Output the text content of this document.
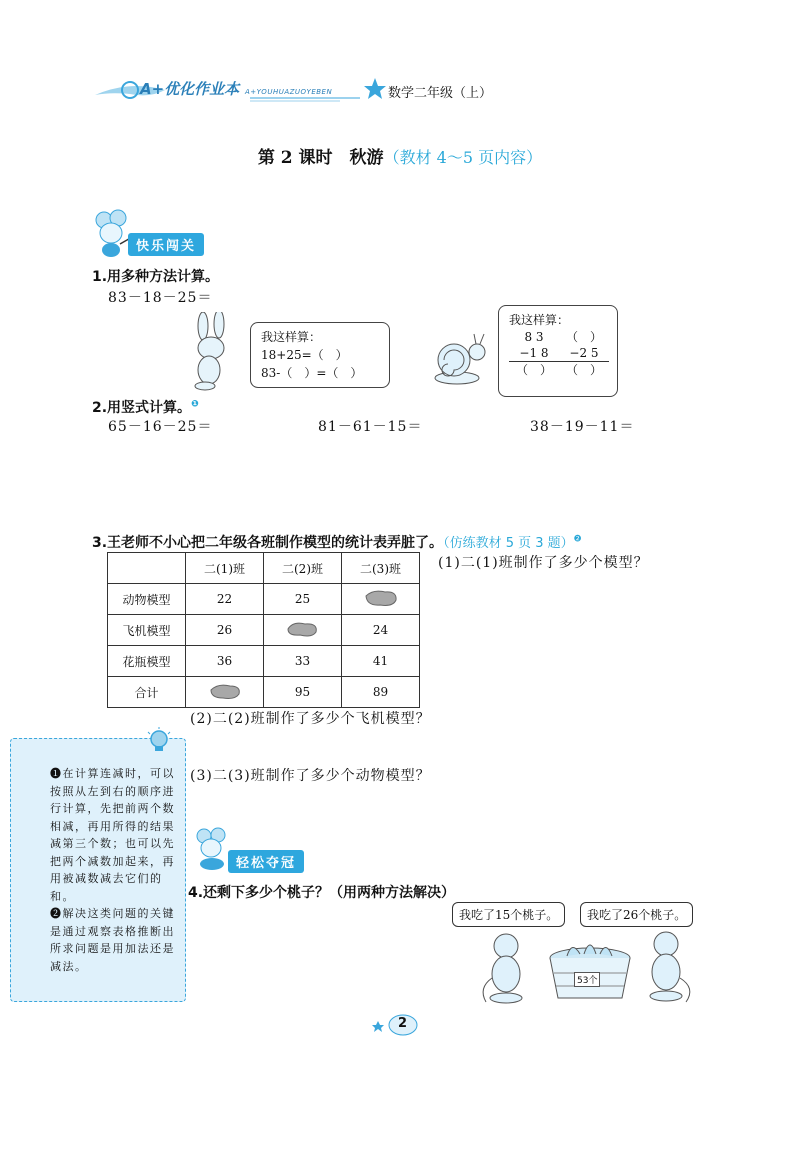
A+优化作业本 A+YOUHUAZUOYEBEN	数学二年级（上）
第 2 课时　秋游（教材 4～5 页内容）
快乐闯关
1.用多种方法计算。
83－18－25＝
我这样算：
18+25=（　）
83-（　）=（　）
我这样算：
8 3	（　）
−1 8	−2 5
（　）	（　）
2.用竖式计算。$^❶$
65－16－25＝	81－61－15＝	38－19－11＝
3.王老师不小心把二年级各班制作模型的统计表弄脏了。（仿练教材 5 页 3 题）$^❷$
	二(1)班	二(2)班	二(3)班
动物模型	22	25	
飞机模型	26		24
花瓶模型	36	33	41
合计		95	89
(1)二(1)班制作了多少个模型？
(2)二(2)班制作了多少个飞机模型？
(3)二(3)班制作了多少个动物模型？
❶在计算连减时，可以按照从左到右的顺序进行计算，先把前两个数相减，再用所得的结果减第三个数；也可以先把两个减数加起来，再用被减数减去它们的和。
❷解决这类问题的关键是通过观察表格推断出所求问题是用加法还是减法。
轻松夺冠
4.还剩下多少个桃子？（用两种方法解决）
我吃了15个桃子。	我吃了26个桃子。
53个
2
